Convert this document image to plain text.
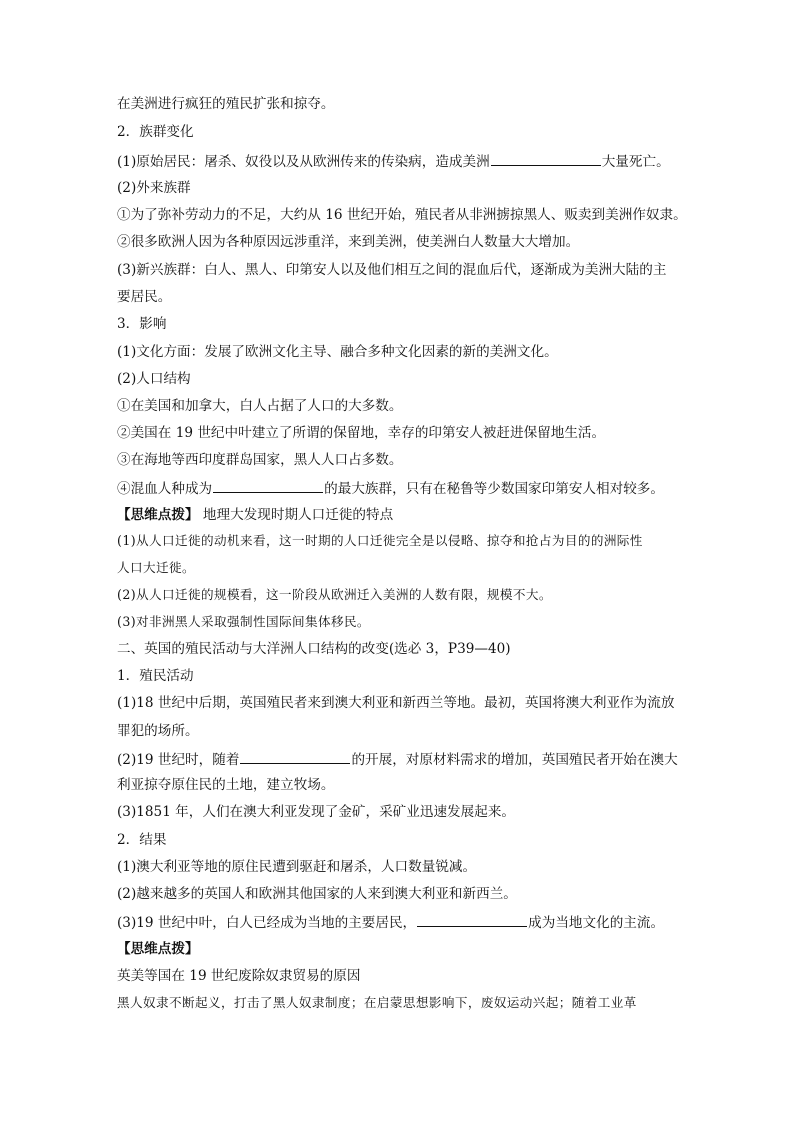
在美洲进行疯狂的殖民扩张和掠夺。
2．族群变化
(1)原始居民：屠杀、奴役以及从欧洲传来的传染病，造成美洲	大量死亡。
(2)外来族群
①为了弥补劳动力的不足，大约从 16 世纪开始，殖民者从非洲掳掠黑人、贩卖到美洲作奴隶。
②很多欧洲人因为各种原因远涉重洋，来到美洲，使美洲白人数量大大增加。
(3)新兴族群：白人、黑人、印第安人以及他们相互之间的混血后代，逐渐成为美洲大陆的主
要居民。
3．影响
(1)文化方面：发展了欧洲文化主导、融合多种文化因素的新的美洲文化。
(2)人口结构
①在美国和加拿大，白人占据了人口的大多数。
②美国在 19 世纪中叶建立了所谓的保留地，幸存的印第安人被赶进保留地生活。
③在海地等西印度群岛国家，黑人人口占多数。
④混血人种成为	的最大族群，只有在秘鲁等少数国家印第安人相对较多。
【思维点拨】 地理大发现时期人口迁徙的特点
(1)从人口迁徙的动机来看，这一时期的人口迁徙完全是以侵略、掠夺和抢占为目的的洲际性
人口大迁徙。
(2)从人口迁徙的规模看，这一阶段从欧洲迁入美洲的人数有限，规模不大。
(3)对非洲黑人采取强制性国际间集体移民。
二、英国的殖民活动与大洋洲人口结构的改变(选必 3，P39—40)
1．殖民活动
(1)18 世纪中后期，英国殖民者来到澳大利亚和新西兰等地。最初，英国将澳大利亚作为流放
罪犯的场所。
(2)19 世纪时，随着	的开展，对原材料需求的增加，英国殖民者开始在澳大
利亚掠夺原住民的土地，建立牧场。
(3)1851 年，人们在澳大利亚发现了金矿，采矿业迅速发展起来。
2．结果
(1)澳大利亚等地的原住民遭到驱赶和屠杀，人口数量锐减。
(2)越来越多的英国人和欧洲其他国家的人来到澳大利亚和新西兰。
(3)19 世纪中叶，白人已经成为当地的主要居民，	成为当地文化的主流。
【思维点拨】
英美等国在 19 世纪废除奴隶贸易的原因
黑人奴隶不断起义，打击了黑人奴隶制度；在启蒙思想影响下，废奴运动兴起；随着工业革
